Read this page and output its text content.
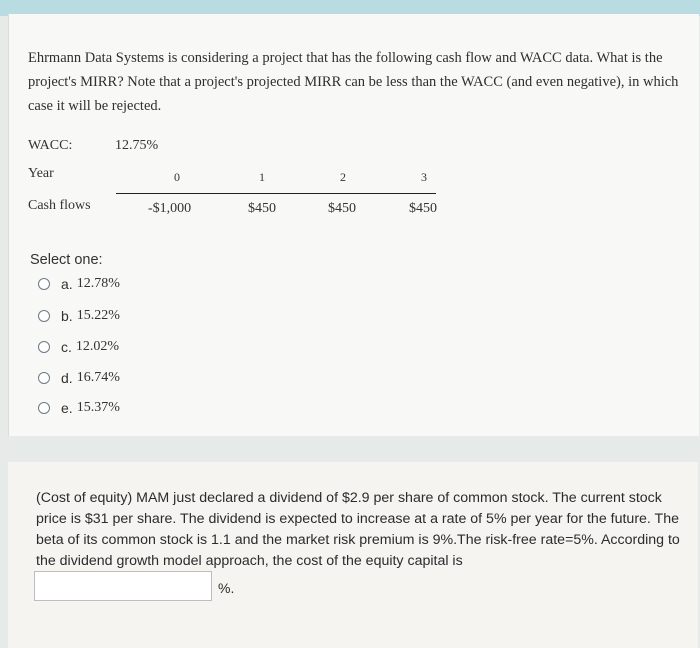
Ehrmann Data Systems is considering a project that has the following cash flow and WACC data. What is the project's MIRR? Note that a project's projected MIRR can be less than the WACC (and even negative), in which case it will be rejected.
WACC:	12.75%
Year	0	1	2	3
Cash flows	-$1,000	$450	$450	$450
Select one:
a. 12.78%
b. 15.22%
c. 12.02%
d. 16.74%
e. 15.37%
(Cost of equity) MAM just declared a dividend of $2.9 per share of common stock. The current stock price is $31 per share. The dividend is expected to increase at a rate of 5% per year for the future. The beta of its common stock is 1.1 and the market risk premium is 9%.The risk-free rate=5%. According to the dividend growth model approach, the cost of the equity capital is
%.
